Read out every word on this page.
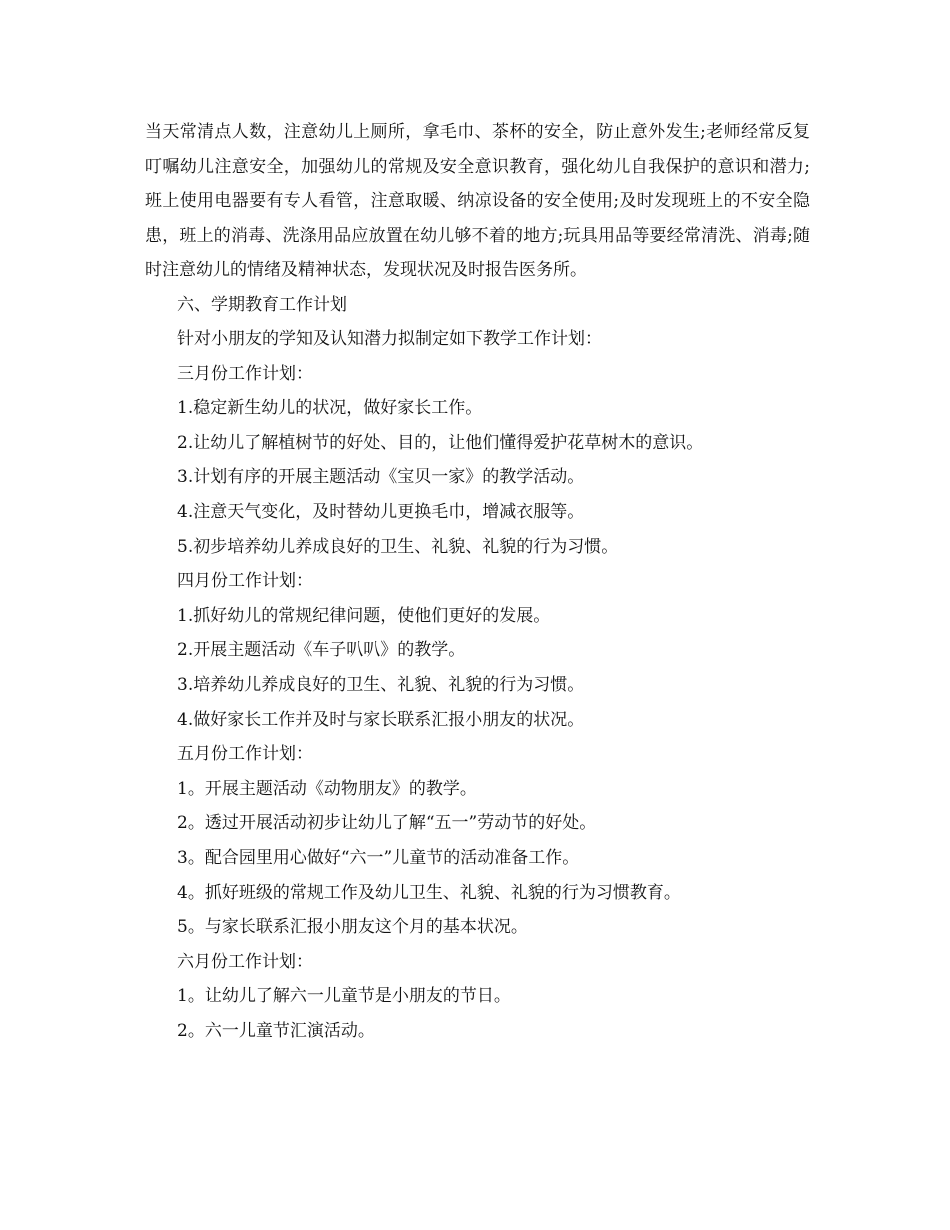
当天常清点人数，注意幼儿上厕所，拿毛巾、茶杯的安全，防止意外发生;老师经常反复叮嘱幼儿注意安全，加强幼儿的常规及安全意识教育，强化幼儿自我保护的意识和潜力;班上使用电器要有专人看管，注意取暖、纳凉设备的安全使用;及时发现班上的不安全隐患，班上的消毒、洗涤用品应放置在幼儿够不着的地方;玩具用品等要经常清洗、消毒;随时注意幼儿的情绪及精神状态，发现状况及时报告医务所。

六、学期教育工作计划

针对小朋友的学知及认知潜力拟制定如下教学工作计划：

三月份工作计划：

1.稳定新生幼儿的状况，做好家长工作。

2.让幼儿了解植树节的好处、目的，让他们懂得爱护花草树木的意识。

3.计划有序的开展主题活动《宝贝一家》的教学活动。

4.注意天气变化，及时替幼儿更换毛巾，增减衣服等。

5.初步培养幼儿养成良好的卫生、礼貌、礼貌的行为习惯。

四月份工作计划：

1.抓好幼儿的常规纪律问题，使他们更好的发展。

2.开展主题活动《车子叭叭》的教学。

3.培养幼儿养成良好的卫生、礼貌、礼貌的行为习惯。

4.做好家长工作并及时与家长联系汇报小朋友的状况。

五月份工作计划：

1。开展主题活动《动物朋友》的教学。

2。透过开展活动初步让幼儿了解“五一”劳动节的好处。

3。配合园里用心做好“六一”儿童节的活动准备工作。

4。抓好班级的常规工作及幼儿卫生、礼貌、礼貌的行为习惯教育。

5。与家长联系汇报小朋友这个月的基本状况。

六月份工作计划：

1。让幼儿了解六一儿童节是小朋友的节日。

2。六一儿童节汇演活动。
